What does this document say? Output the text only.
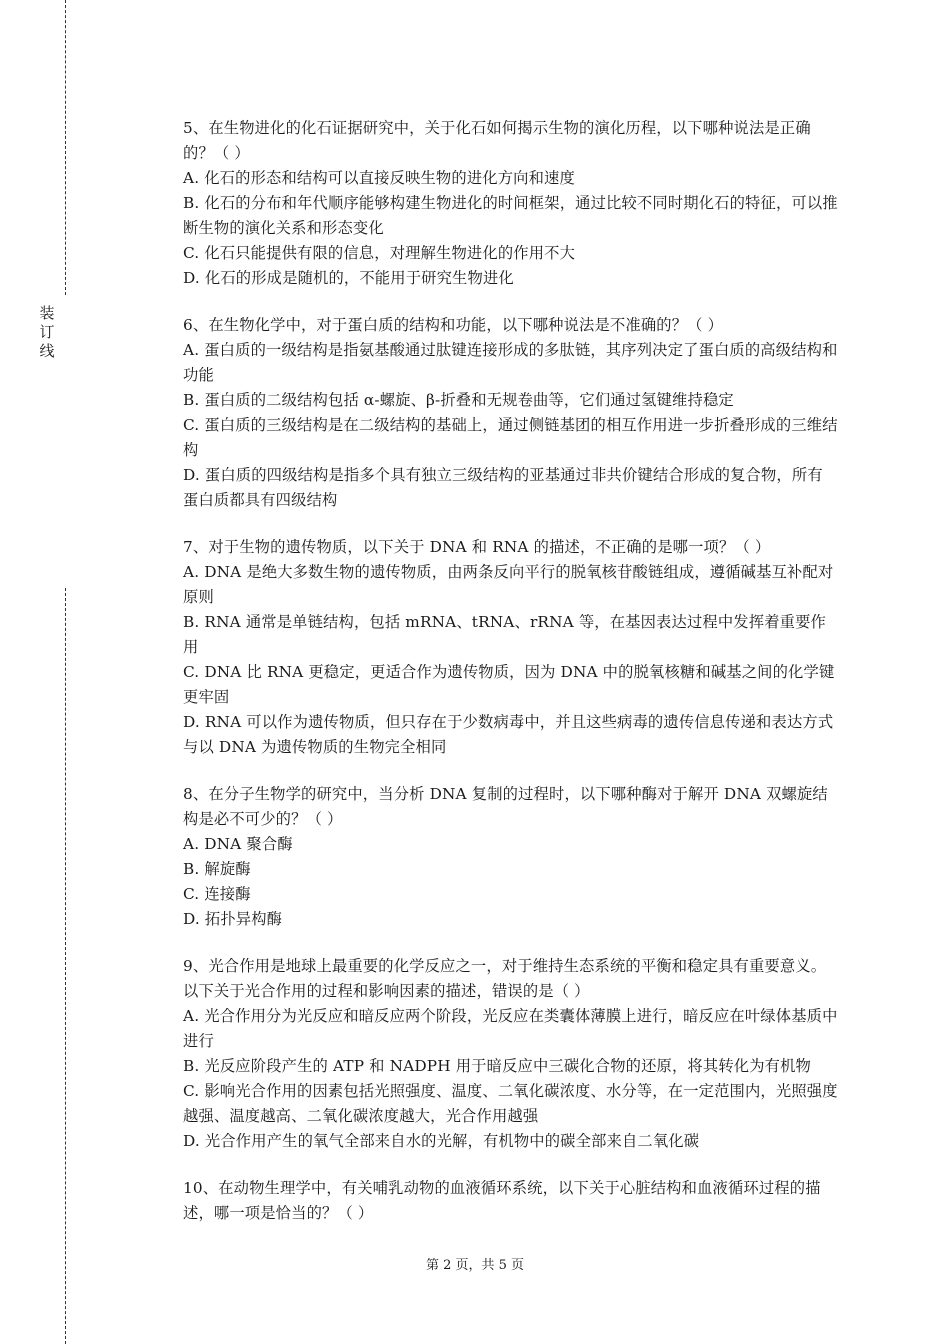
装
订
线

5、在生物进化的化石证据研究中，关于化石如何揭示生物的演化历程，以下哪种说法是正确的？（ ）

A. 化石的形态和结构可以直接反映生物的进化方向和速度

B. 化石的分布和年代顺序能够构建生物进化的时间框架，通过比较不同时期化石的特征，可以推断生物的演化关系和形态变化

C. 化石只能提供有限的信息，对理解生物进化的作用不大

D. 化石的形成是随机的，不能用于研究生物进化

6、在生物化学中，对于蛋白质的结构和功能，以下哪种说法是不准确的？（ ）

A. 蛋白质的一级结构是指氨基酸通过肽键连接形成的多肽链，其序列决定了蛋白质的高级结构和功能

B. 蛋白质的二级结构包括 α-螺旋、β-折叠和无规卷曲等，它们通过氢键维持稳定

C. 蛋白质的三级结构是在二级结构的基础上，通过侧链基团的相互作用进一步折叠形成的三维结构

D. 蛋白质的四级结构是指多个具有独立三级结构的亚基通过非共价键结合形成的复合物，所有蛋白质都具有四级结构

7、对于生物的遗传物质，以下关于 DNA 和 RNA 的描述，不正确的是哪一项？（ ）

A. DNA 是绝大多数生物的遗传物质，由两条反向平行的脱氧核苷酸链组成，遵循碱基互补配对原则

B. RNA 通常是单链结构，包括 mRNA、tRNA、rRNA 等，在基因表达过程中发挥着重要作用

C. DNA 比 RNA 更稳定，更适合作为遗传物质，因为 DNA 中的脱氧核糖和碱基之间的化学键更牢固

D. RNA 可以作为遗传物质，但只存在于少数病毒中，并且这些病毒的遗传信息传递和表达方式与以 DNA 为遗传物质的生物完全相同

8、在分子生物学的研究中，当分析 DNA 复制的过程时，以下哪种酶对于解开 DNA 双螺旋结构是必不可少的？（ ）

A. DNA 聚合酶

B. 解旋酶

C. 连接酶

D. 拓扑异构酶

9、光合作用是地球上最重要的化学反应之一，对于维持生态系统的平衡和稳定具有重要意义。以下关于光合作用的过程和影响因素的描述，错误的是（ ）

A. 光合作用分为光反应和暗反应两个阶段，光反应在类囊体薄膜上进行，暗反应在叶绿体基质中进行

B. 光反应阶段产生的 ATP 和 NADPH 用于暗反应中三碳化合物的还原，将其转化为有机物

C. 影响光合作用的因素包括光照强度、温度、二氧化碳浓度、水分等，在一定范围内，光照强度越强、温度越高、二氧化碳浓度越大，光合作用越强

D. 光合作用产生的氧气全部来自水的光解，有机物中的碳全部来自二氧化碳

10、在动物生理学中，有关哺乳动物的血液循环系统，以下关于心脏结构和血液循环过程的描述，哪一项是恰当的？（ ）

第 2 页，共 5 页
